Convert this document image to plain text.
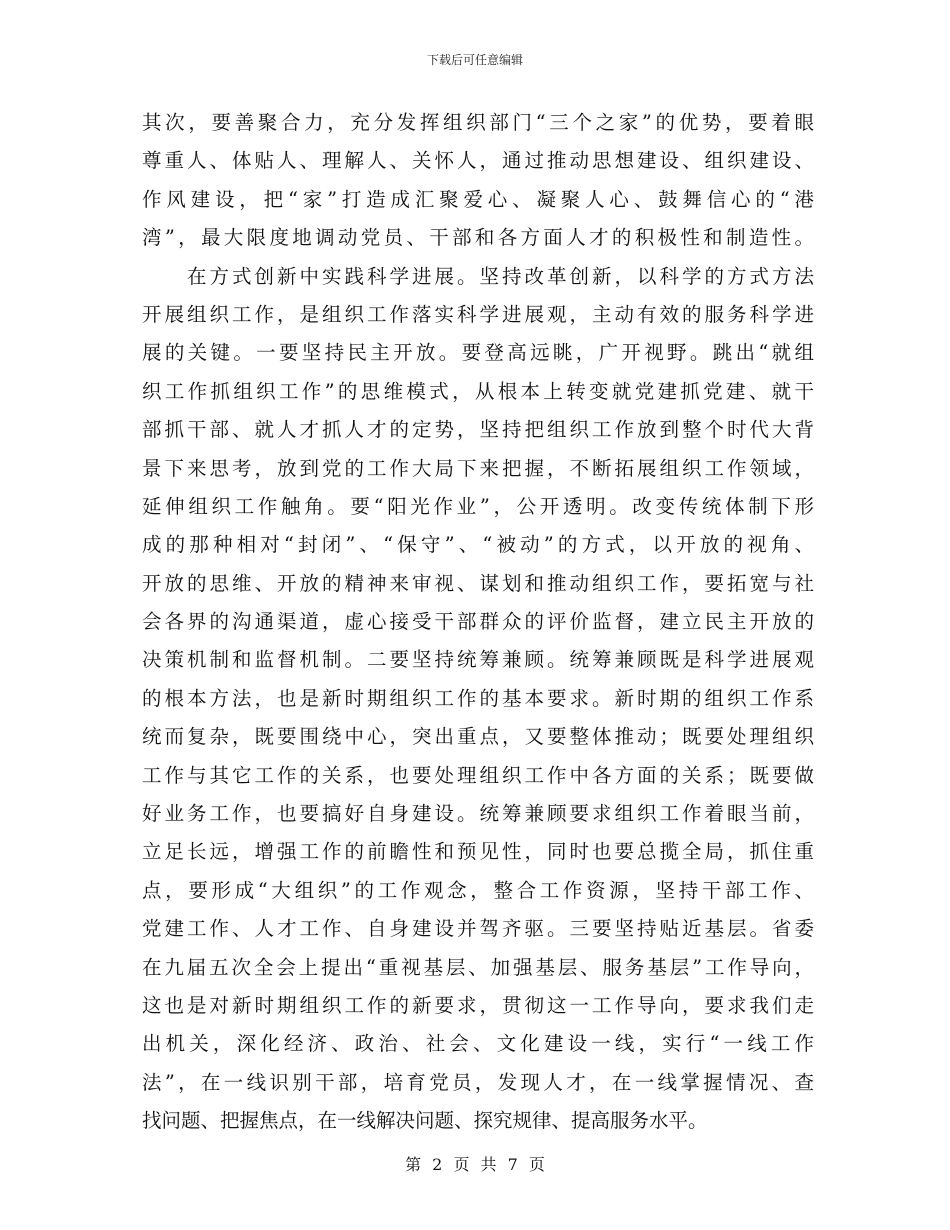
下载后可任意编辑
其次，要善聚合力，充分发挥组织部门“三个之家”的优势，要着眼
尊重人、体贴人、理解人、关怀人，通过推动思想建设、组织建设、
作风建设，把“家”打造成汇聚爱心、凝聚人心、鼓舞信心的“港
湾”，最大限度地调动党员、干部和各方面人才的积极性和制造性。
　　在方式创新中实践科学进展。坚持改革创新，以科学的方式方法
开展组织工作，是组织工作落实科学进展观，主动有效的服务科学进
展的关键。一要坚持民主开放。要登高远眺，广开视野。跳出“就组
织工作抓组织工作”的思维模式，从根本上转变就党建抓党建、就干
部抓干部、就人才抓人才的定势，坚持把组织工作放到整个时代大背
景下来思考，放到党的工作大局下来把握，不断拓展组织工作领域，
延伸组织工作触角。要“阳光作业”，公开透明。改变传统体制下形
成的那种相对“封闭”、“保守”、“被动”的方式，以开放的视角、
开放的思维、开放的精神来审视、谋划和推动组织工作，要拓宽与社
会各界的沟通渠道，虚心接受干部群众的评价监督，建立民主开放的
决策机制和监督机制。二要坚持统筹兼顾。统筹兼顾既是科学进展观
的根本方法，也是新时期组织工作的基本要求。新时期的组织工作系
统而复杂，既要围绕中心，突出重点，又要整体推动；既要处理组织
工作与其它工作的关系，也要处理组织工作中各方面的关系；既要做
好业务工作，也要搞好自身建设。统筹兼顾要求组织工作着眼当前，
立足长远，增强工作的前瞻性和预见性，同时也要总揽全局，抓住重
点，要形成“大组织”的工作观念，整合工作资源，坚持干部工作、
党建工作、人才工作、自身建设并驾齐驱。三要坚持贴近基层。省委
在九届五次全会上提出“重视基层、加强基层、服务基层”工作导向，
这也是对新时期组织工作的新要求，贯彻这一工作导向，要求我们走
出机关，深化经济、政治、社会、文化建设一线，实行“一线工作
法”，在一线识别干部，培育党员，发现人才，在一线掌握情况、查
找问题、把握焦点，在一线解决问题、探究规律、提高服务水平。
第 2 页 共 7 页
